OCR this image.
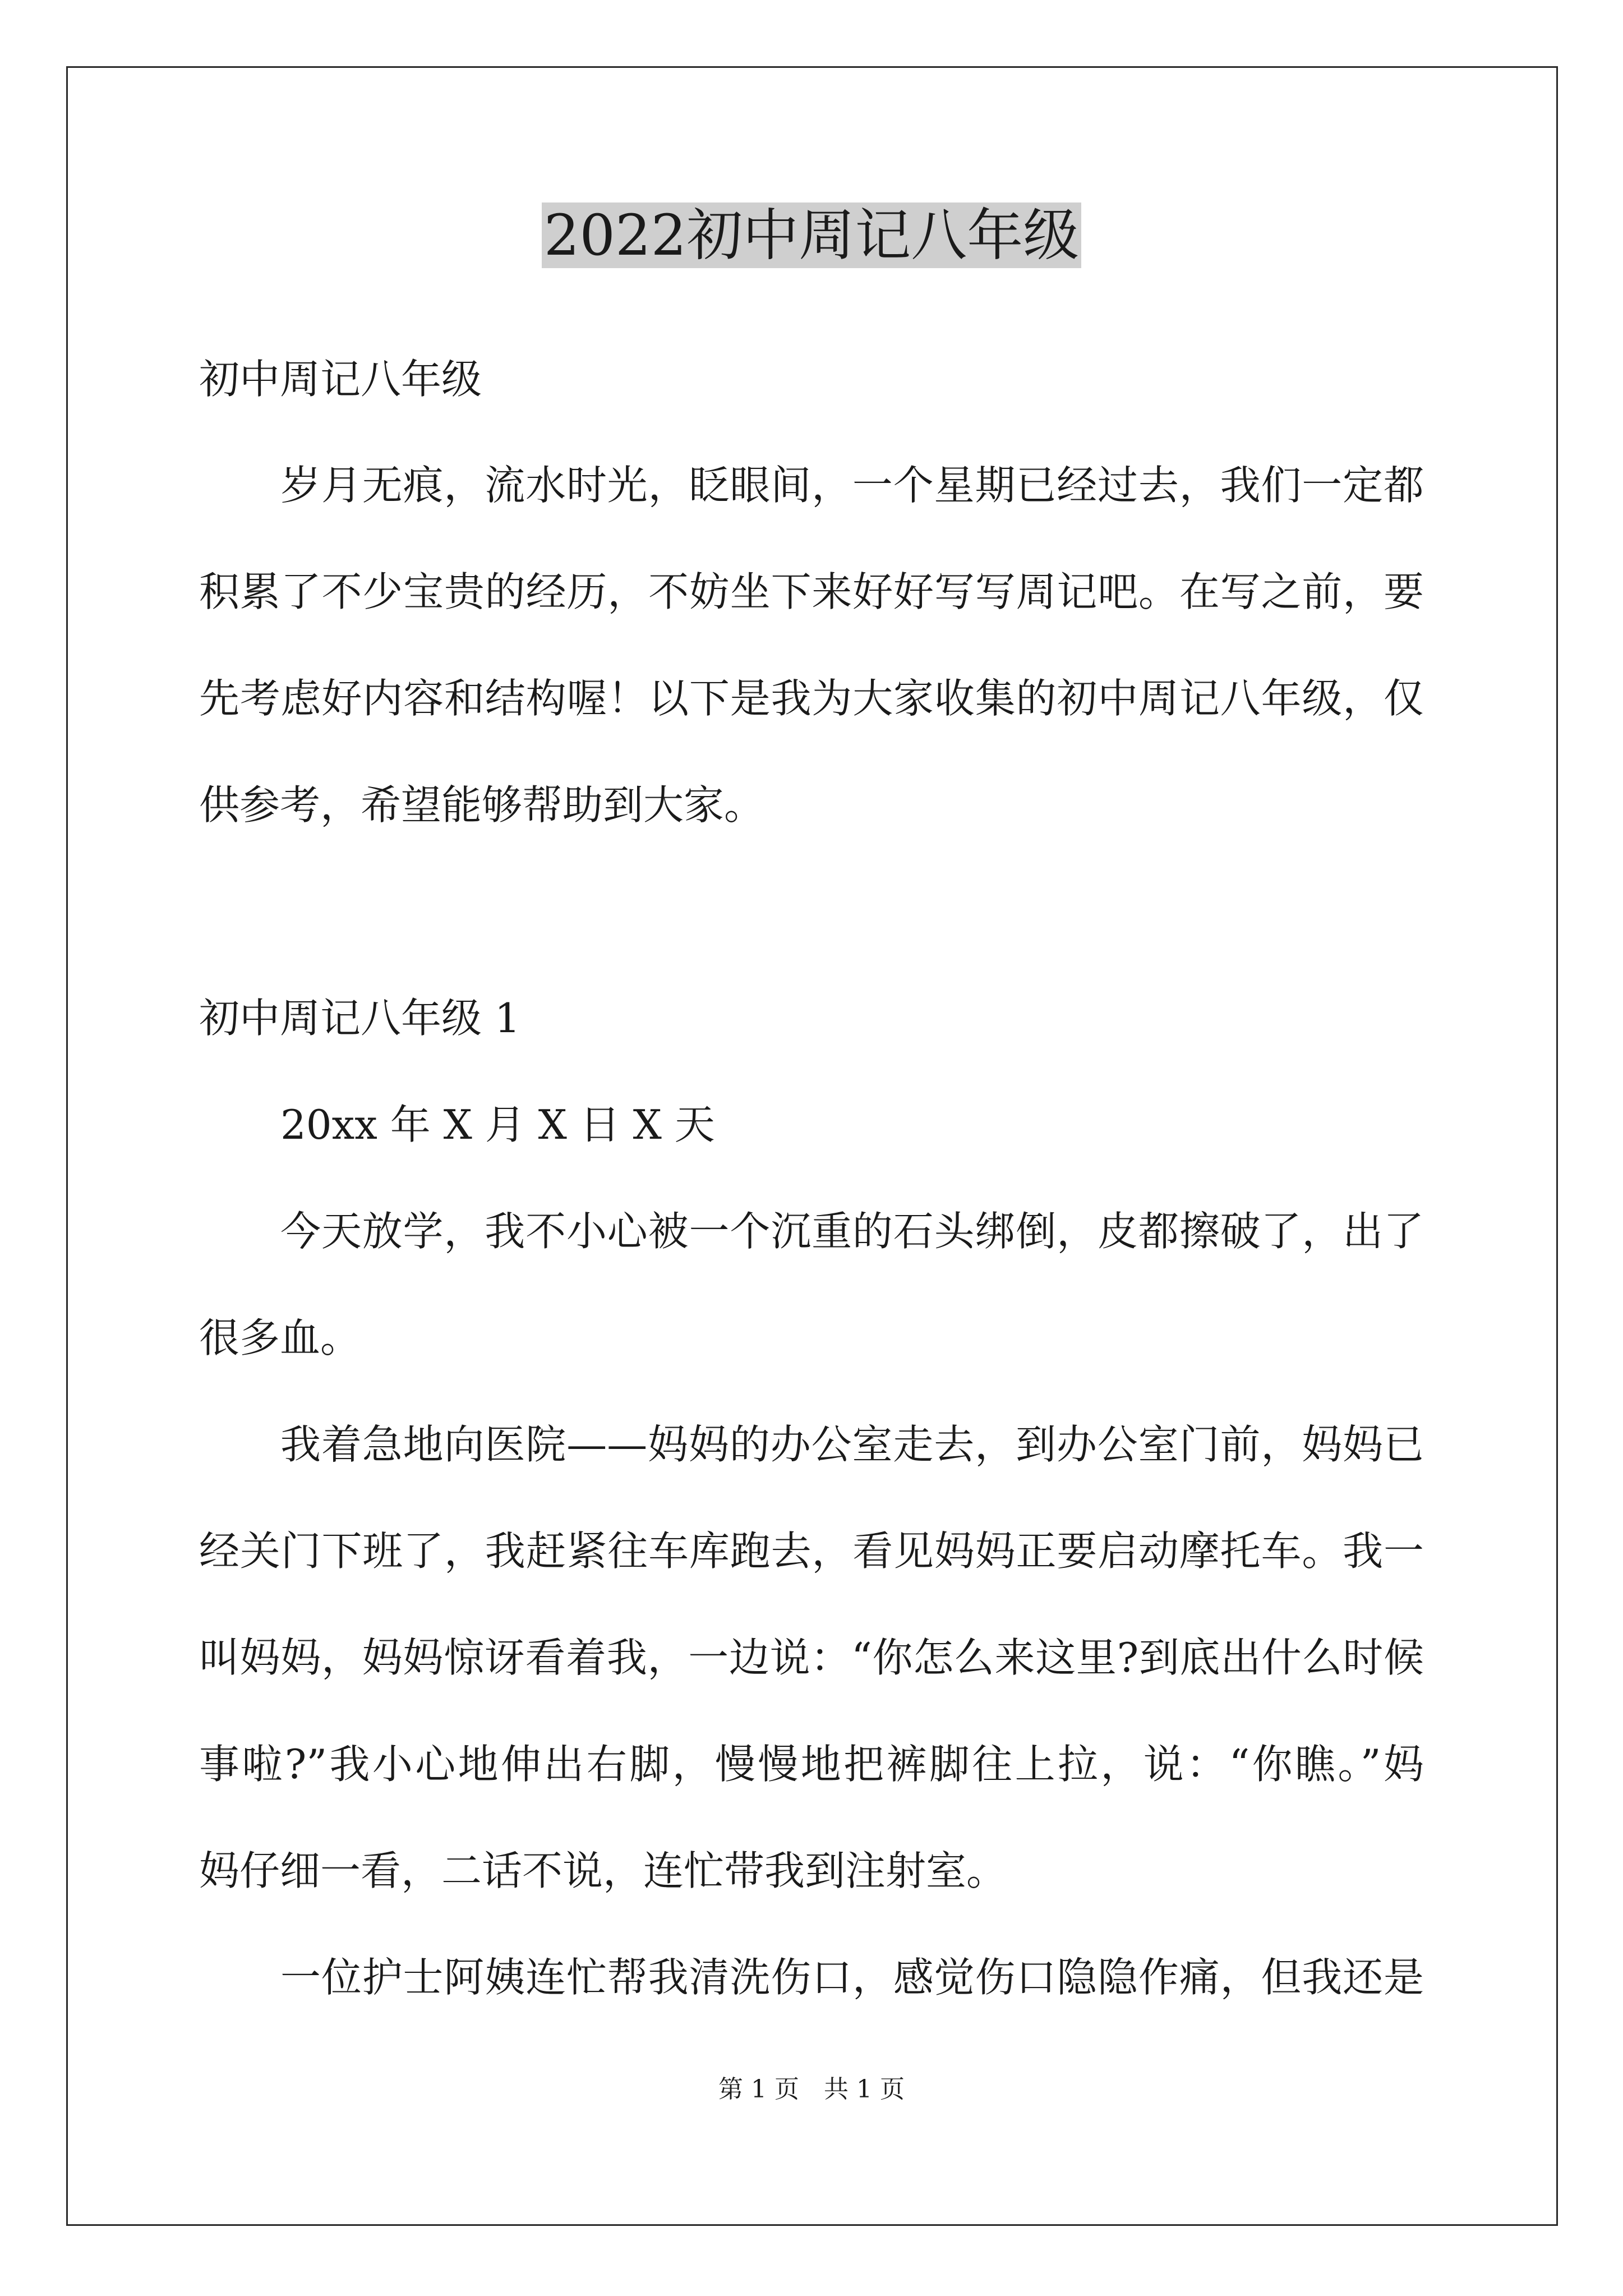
2022初中周记八年级
初中周记八年级
岁月无痕，流水时光，眨眼间，一个星期已经过去，我们一定都
积累了不少宝贵的经历，不妨坐下来好好写写周记吧。在写之前，要
先考虑好内容和结构喔！以下是我为大家收集的初中周记八年级，仅
供参考，希望能够帮助到大家。
初中周记八年级 1
20xx 年 X 月 X 日 X 天
今天放学，我不小心被一个沉重的石头绑倒，皮都擦破了，出了
很多血。
我着急地向医院——妈妈的办公室走去，到办公室门前，妈妈已
经关门下班了，我赶紧往车库跑去，看见妈妈正要启动摩托车。我一
叫妈妈，妈妈惊讶看着我，一边说：“你怎么来这里?到底出什么时候
事啦?”我小心地伸出右脚，慢慢地把裤脚往上拉，说：“你瞧。”妈
妈仔细一看，二话不说，连忙带我到注射室。
一位护士阿姨连忙帮我清洗伤口，感觉伤口隐隐作痛，但我还是
第 1 页　共 1 页
